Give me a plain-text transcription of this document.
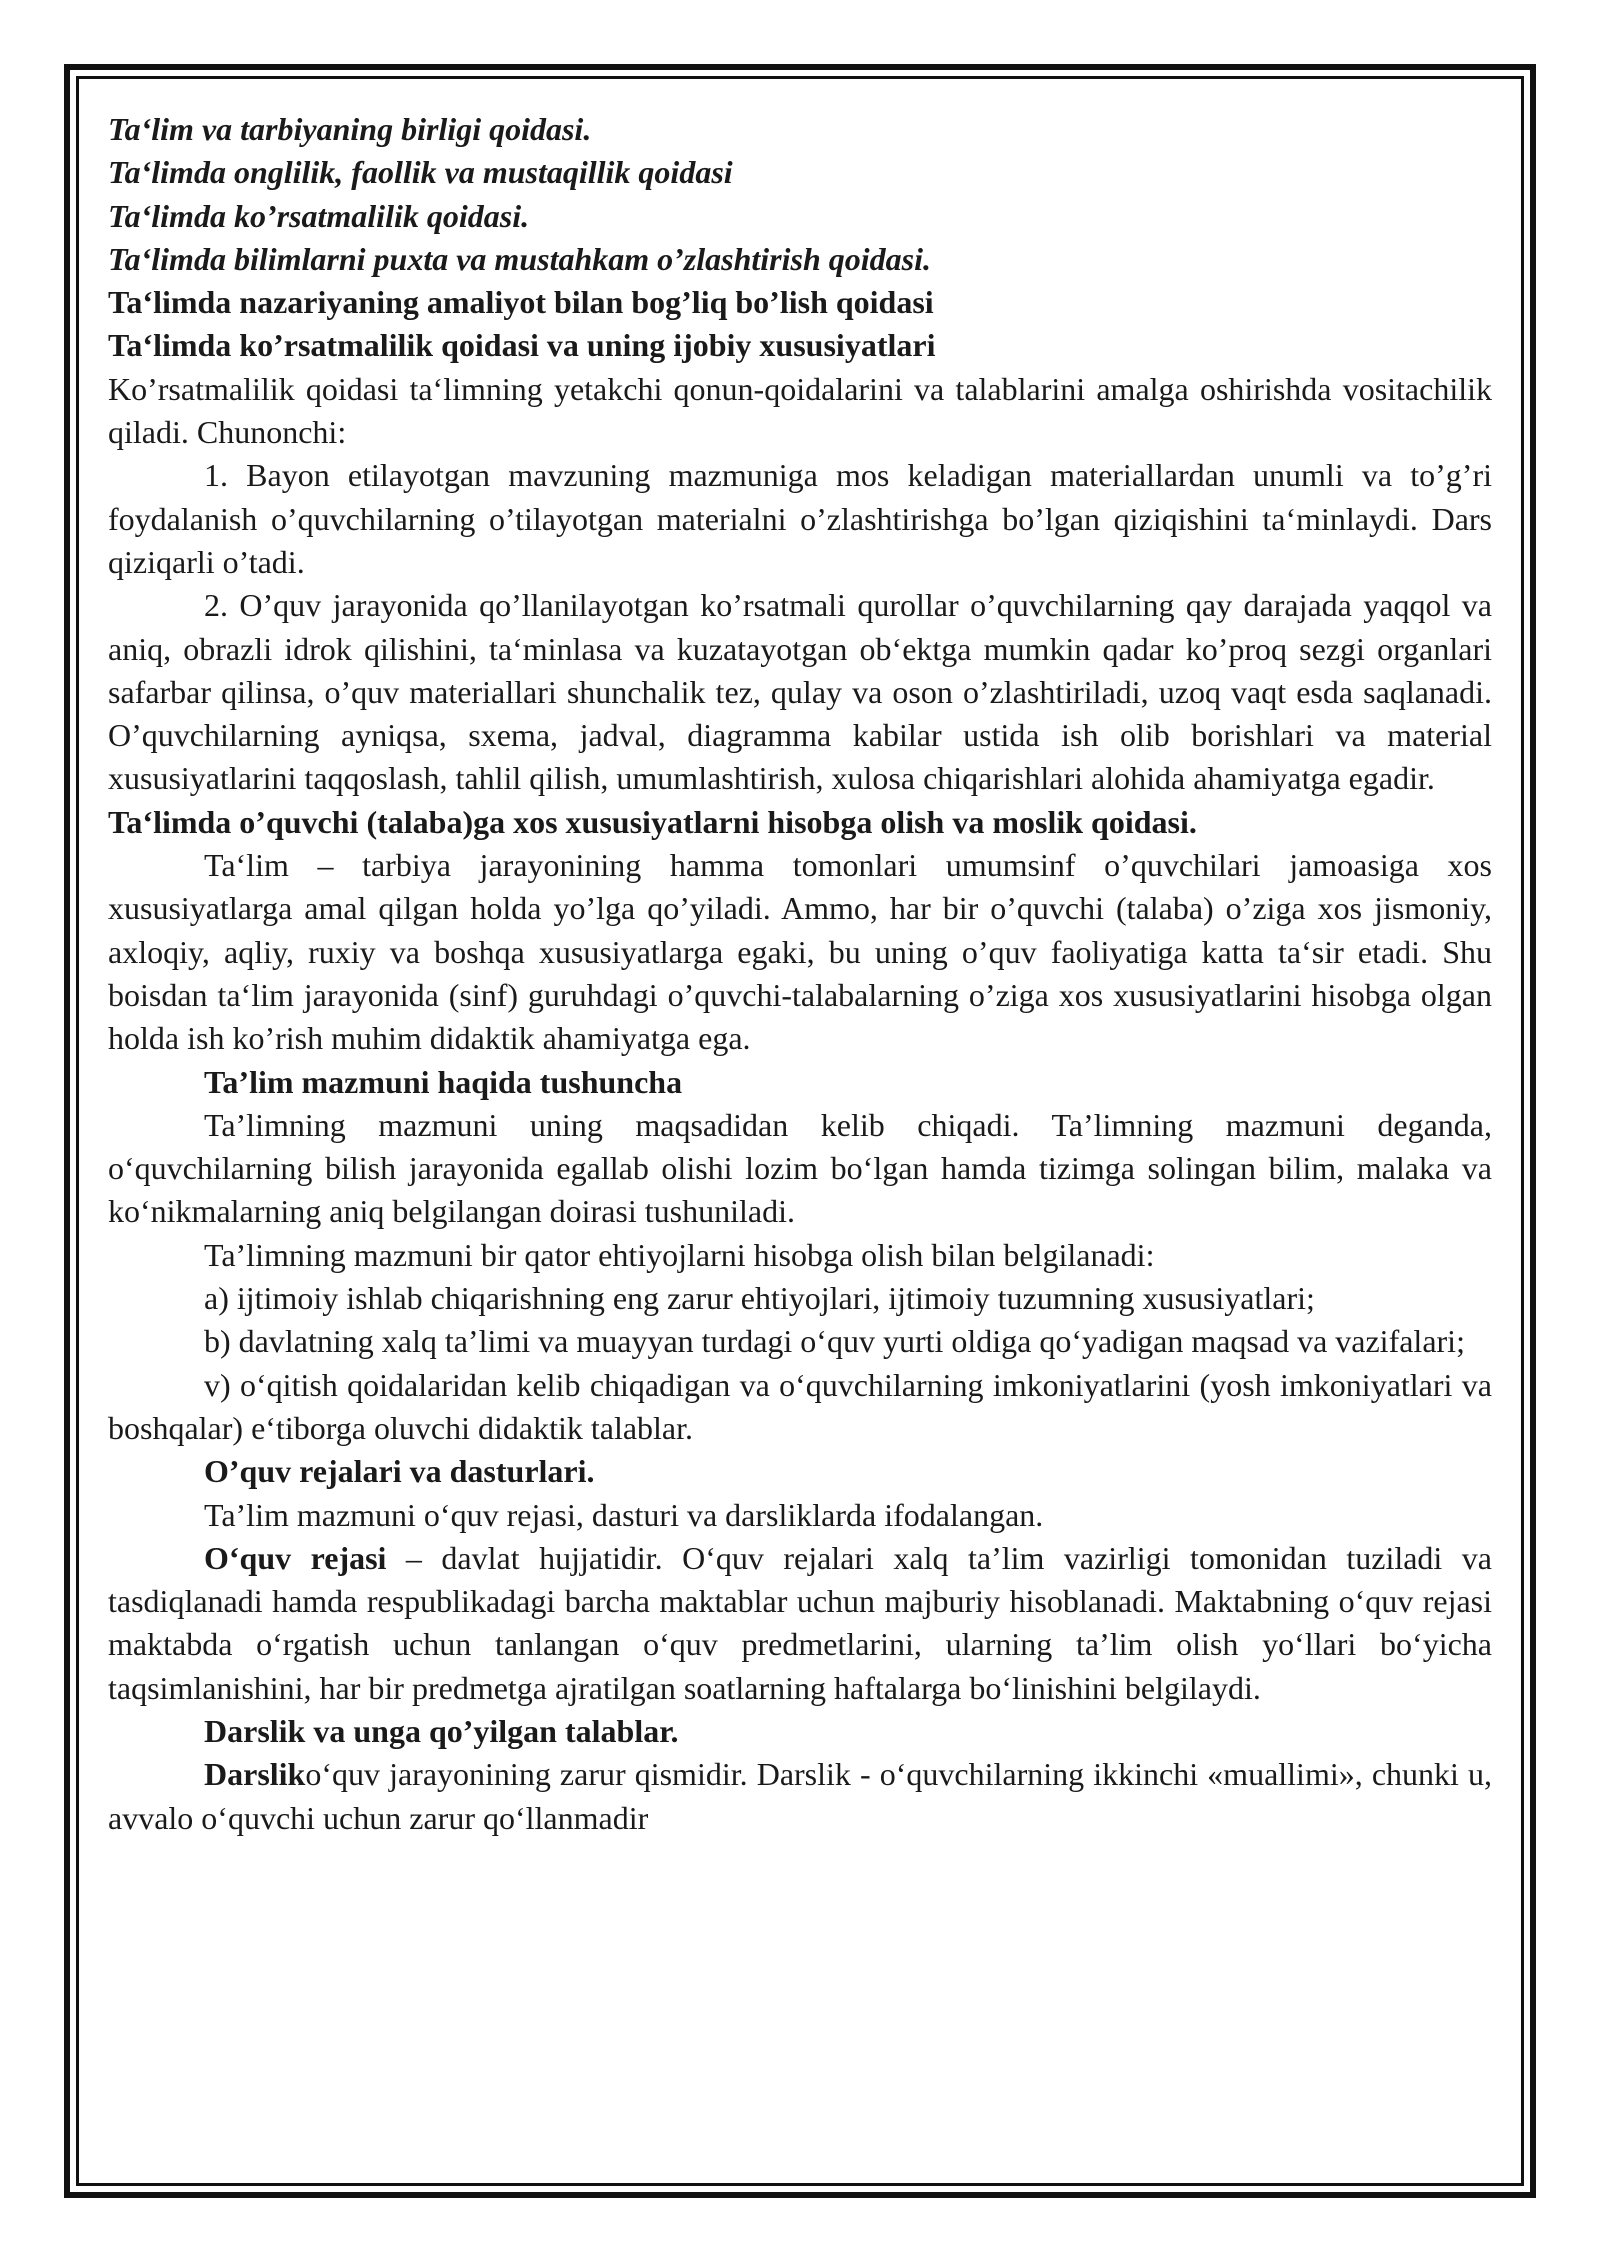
Ta‘lim va tarbiyaning birligi qoidasi.

Ta‘limda onglilik, faollik va mustaqillik qoidasi

Ta‘limda ko’rsatmalilik qoidasi.

Ta‘limda bilimlarni puxta va mustahkam o’zlashtirish qoidasi.

Ta‘limda nazariyaning amaliyot bilan bog’liq bo’lish qoidasi

Ta‘limda ko’rsatmalilik qoidasi va uning ijobiy xususiyatlari

Ko’rsatmalilik qoidasi ta‘limning yetakchi qonun-qoidalarini va talablarini amalga oshirishda vositachilik qiladi. Chunonchi:

1. Bayon etilayotgan mavzuning mazmuniga mos keladigan materiallardan unumli va to’g’ri foydalanish o’quvchilarning o’tilayotgan materialni o’zlashtirishga bo’lgan qiziqishini ta‘minlaydi. Dars qiziqarli o’tadi.

2. O’quv jarayonida qo’llanilayotgan ko’rsatmali qurollar o’quvchilarning qay darajada yaqqol va aniq, obrazli idrok qilishini, ta‘minlasa va kuzatayotgan ob‘ektga mumkin qadar ko’proq sezgi organlari safarbar qilinsa, o’quv materiallari shunchalik tez, qulay va oson o’zlashtiriladi, uzoq vaqt esda saqlanadi. O’quvchilarning ayniqsa, sxema, jadval, diagramma kabilar ustida ish olib borishlari va material xususiyatlarini taqqoslash, tahlil qilish, umumlashtirish, xulosa chiqarishlari alohida ahamiyatga egadir.

Ta‘limda o’quvchi (talaba)ga xos xususiyatlarni hisobga olish va moslik qoidasi.

Ta‘lim – tarbiya jarayonining hamma tomonlari umumsinf o’quvchilari jamoasiga xos xususiyatlarga amal qilgan holda yo’lga qo’yiladi. Ammo, har bir o’quvchi (talaba) o’ziga xos jismoniy, axloqiy, aqliy, ruxiy va boshqa xususiyatlarga egaki, bu uning o’quv faoliyatiga katta ta‘sir etadi. Shu boisdan ta‘lim jarayonida (sinf) guruhdagi o’quvchi-talabalarning o’ziga xos xususiyatlarini hisobga olgan holda ish ko’rish muhim didaktik ahamiyatga ega.

Ta’lim mazmuni haqida tushuncha

Ta’limning mazmuni uning maqsadidan kelib chiqadi. Ta’limning mazmuni deganda, o‘quvchilarning bilish jarayonida egallab olishi lozim bo‘lgan hamda tizimga solingan bilim, malaka va ko‘nikmalarning aniq belgilangan doirasi tushuniladi.

Ta’limning mazmuni bir qator ehtiyojlarni hisobga olish bilan belgilanadi:

a) ijtimoiy ishlab chiqarishning eng zarur ehtiyojlari, ijtimoiy tuzumning xususiyatlari;

b) davlatning xalq ta’limi va muayyan turdagi o‘quv yurti oldiga qo‘yadigan maqsad va vazifalari;

v) o‘qitish qoidalaridan kelib chiqadigan va o‘quvchilarning imkoniyatlarini (yosh imkoniyatlari va boshqalar) e‘tiborga oluvchi didaktik talablar.

O’quv rejalari va dasturlari.

Ta’lim mazmuni o‘quv rejasi, dasturi va darsliklarda ifodalangan.

O‘quv rejasi – davlat hujjatidir. O‘quv rejalari xalq ta’lim vazirligi tomonidan tuziladi va tasdiqlanadi hamda respublikadagi barcha maktablar uchun majburiy hisoblanadi. Maktabning o‘quv rejasi maktabda o‘rgatish uchun tanlangan o‘quv predmetlarini, ularning ta’lim olish yo‘llari bo‘yicha taqsimlanishini, har bir predmetga ajratilgan soatlarning haftalarga bo‘linishini belgilaydi.

Darslik va unga qo’yilgan talablar.

Darsliko‘quv jarayonining zarur qismidir. Darslik - o‘quvchilarning ikkinchi «muallimi», chunki u, avvalo o‘quvchi uchun zarur qo‘llanmadir
